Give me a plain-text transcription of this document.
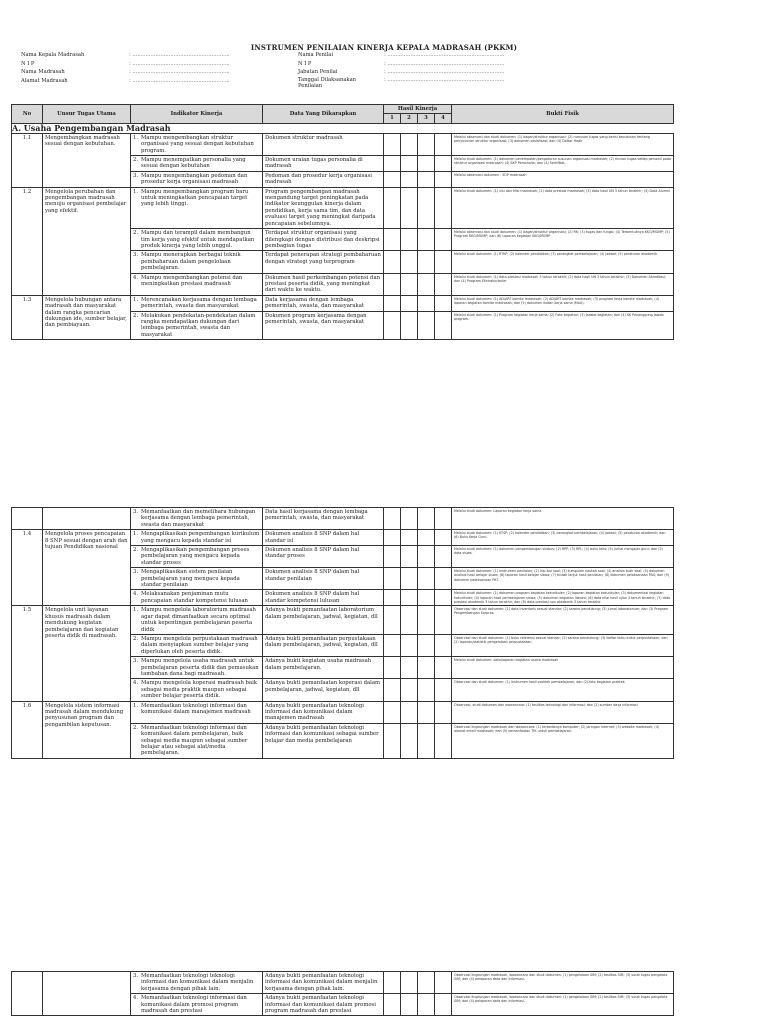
INSTRUMEN PENILAIAN KINERJA KEPALA MADRASAH (PKKM)
Nama Kepala Madrasah	: ...........................................................
N I P	: ...........................................................
Nama Madrasah	: ...........................................................
Alamat Madrasah	: ...........................................................
Nama Penilai	: .......................................................................
N I P	: .......................................................................
Jabatan Penilai	: .......................................................................
Tanggal Dilaksanakan Penilaian: .......................................................................
No	Unsur Tugas Utama	Indikator Kinerja	Data Yang Dikarapkan	Hasil Kinerja				Bukti Fisik
				1	2	3	4	
A. Usaha Pengembangan Madrasah								
1.1	Mengembangkan madrasah sesuai dengan kebutuhan.	1. Mampu mengembangkan struktur organisasi yang sesuai dengan kebutuhan program.	Dokumen struktur madrasah					Melalui observasi dan studi dokumen: (1) bagan/struktur organisasi; (2) rumusan tugas yang berisi keputusan tentang penyusunan struktur organisasi; (3) dokumen sosialisasi; dan (4) Daftar Hadir

		2. Mampu menempatkan personalia yang sesuai dengan kebutuhan	Dokumen uraian tugas personalia di madrasah					Melalui studi dokumen: (1) dokumen penempatan/pengaturan susunan organisasi madrasah; (2) rincian tugas setiap personil pada struktur organisasi madrasah; (4) SKP Personalia; dan (4) Sertifikat.

		3. Mampu mengembangkan pedoman dan prosedur kerja organisasi madrasah	Pedoman dan prosedur kerja organisasi madrasah					Melalui observasi dokumen : SOP madrasah
1.2	Mengelola perubahan dan pengembangan madrasah menuju organisasi pembelajar yang efektif.	1. Mampu mengembangkan program baru untuk meningkatkan pencapaian target yang lebih tinggi.	Program pengembangan madrasah mengandung target peningkatan pada indikator keunggulan kinerja dalam pendidikan, kerja sama tim, dan data evaluasi target yang meningkat daripada pencapaian sebelumnya.					Melalui studi dokumen: (1) visi dan Misi madrasah; (2) data prestasi madrasah; (3) data hasil UN 3 tahun terakhir; (4) Data Alumni

		2. Mampu dan terampil dalam membangun tim kerja yang efektif untuk mendapatkan produk kinerja yang lebih unggul.	Terdapat struktur organisasi yang dilengkapi dengan distribusi dan deskripsi pembagian tugas					Melalui observasi dan studi dokumen: (1) bagan/struktur organisasi; (2) RK; (3) tugas dan fungsi; (4) Terbentuknya KKG/MGMP; (5) Program KKG/MGMP; dan (6) Laporan kegiatan KKG/MGMP

		3. Mampu menerapkan berbagai teknik pembaharuan dalam pengelolaan pembelajaran.	Terdapat penerapan strategi pembaharuan dengan strategi yang terprogram					Melalui studi dokumen: (1) RTKP; (2) kalender pendidikan; (3) perangkat pembelajaran; (4) jadwal; (5) peraturan akademik

		4. Mampu mengembangkan potensi dan meningkatkan prestasi madrasah	Dokumen hasil perkembangan potensi dan prestasi peserta didik, yang meningkat dari waktu ke waktu.					Melalui studi dokumen: (1) data prestasi madrasah 3 tahun terakhir; (2) data hasil UN 3 tahun terakhir; (3) Dokumen Akreditasi; dan (4) Program Ekstrakurikuler
1.3	Mengelola hubungan antara madrasah dan masyarakat dalam rangka pencarian dukungan ide, sumber belajar, dan pembiayaan.	1. Merencanakan kerjasama dengan lembaga pemerintah, swasta dan masyarakat	Data kerjasama dengan lembaga pemerintah, swasta, dan masyarakat					Melalui studi dokumen: (1) AD/ART komite madrasah; (2) AD/ART komite madrasah; (3) program kerja komite madrasah; (4) laporan kegiatan komite madrasah; dan (5) dokumen ikatan kerja sama (MoU).

		2. Melakukan pendekatan-pendekatan dalam rangka mendapatkan dukungan dari lembaga pemerintah, swasta dan masyarakat	Dokumen program kerjasama dengan pemerintah, swasta, dan masyarakat					Melalui studi dokumen: (1) Program kegiatan kerja sama; (2) Foto kegiatan; (3) Jadwal kegiatan; dan (4) SK Penanggung Jawab program.

		3. Memanfaatkan dan memelihara hubungan kerjasama dengan lembaga pemerintah, swasta dan masyarakat	Data hasil kerjasama dengan lembaga pemerintah, swasta, dan masyarakat					Melalui studi dokumen: Laporan kegiatan kerja sama
1.4	Mengelola proses pencapaian 8 SNP sesuai dengan arah dan tujuan Pendidikan nasional	1. Mengaplikasikan pengembangan kurikulum yang mengacu kepada standar isi	Dokumen analisis 8 SNP dalam hal standar isi					Melalui studi dokumen: (1) KTSP; (2) kalender pendidikan; (3) perangkat pembelajaran; (4) jadwal; (5) peraturan akademik; dan (6) Buku Kerja Guru.

		2. Mengaplikasikan pengembangan proses pembelajaran yang mengacu kepada standar proses	Dokumen analisis 8 SNP dalam hal standar proses					Melalui studi dokumen: (1) dokumen pengembangan silabus; (2) RPP; (3) RPL; (4) buku teks; (5) jurnal mengajar guru; dan (2) data siswa.

		3. Mengaplikasikan sistem penilaian pembelajaran yang mengacu kepada standar penilaian	Dokumen analisis 8 SNP dalam hal standar penilaian					Melalui studi dokumen: (1) instrumen penilaian; (2) kisi-kisi soal; (3) kumpulan naskah soal; (4) analisis butir soal; (5) dokumen analisis hasil belajar siswa; (6) laporan hasil belajar siswa; (7) tindak lanjut hasil penilaian; (8) dokumen pelaksanaan PAS; dan (9) dokumen pelaksanaan PAT.

		4. Melaksanakan penjaminan mutu pencapaian standar kompetensi lulusan	Dokumen analisis 8 SNP dalam hal standar kompetensi lulusan					Melalui studi dokumen: (1) dokumen program kegiatan kokurikuler; (2) laporan kegiatan kokurikuler; (3) dokumentasi kegiatan kokurikuler; (4) laporan hasil pembelajaran siswa; (5) dokumen kegiatan literasi; (6) data nilai hasil ujian 3 tahun terakhir; (7) data prestasi akademik 3 tahun terakhir; dan (8) data prestasi non akademik 3 tahun terakhir.
1.5	Mengelola unit layanan khusus madrasah dalam mendukung kegiatan pembelajaran dan kegiatan peserta didik di madrasah.	1. Mampu mengelola laboratorium madrasah agar dapat dimanfaatkan secara optimal untuk kepentingan pembelajaran peserta didik	Adanya bukti pemanfaatan laboratorium dalam pembelajaran, jadwal, kegiatan, dll					Observasi dan studi dokumen: (1) data inventaris sesuai standar; (2) sarana pendukung; (3) jurnal laboratorium; dan (3) Program Pengembangan Sarpras.

		2. Mampu mengelola perpustakaan madrasah dalam menyiapkan sumber belajar yang diperlukan oleh peserta didik.	Adanya bukti pemanfaatan perpustakaan dalam pembelajaran, jadwal, kegiatan, dll					Observasi dan studi dokumen: (1) buku referensi sesuai standar; (2) sarana pendukung; (3) daftar buku induk perpustakaan; dan (2) laporan/statistik pengelolaan perpustakaan.

		3. Mampu mengelola usaha madrasah untuk pembelajaran peserta didik dan pemasukan tambahan dana bagi madrasah.	Adanya bukti kegiatan usaha madrasah dalam pembelajaran.					Melalui studi dokumen: data/laporan kegiatan usaha madrasah

		4. Mampu mengelola koperasi madrasah baik sebagai media praktik maupun sebagai sumber belajar peserta didik.	Adanya bukti pemanfaatan koperasi dalam pembelajaran, jadwal, kegiatan, dll					Observasi dan studi dokumen: (1) instrumen hasil praktek pembelajaran; dan (2) foto kegiatan praktek.
1.6	Mengelola sistem informasi madrasah dalam mendukung penyusunan program dan pengambilan keputusan.	1. Memanfaatkan teknologi informasi dan komunikasi dalam manajemen madrasah	Adanya bukti pemanfaatan teknologi informasi dan komunikasi dalam manajemen madrasah					Observasi, studi dokumen dan wawancara: (1) fasilitas teknologi dan informasi; dan (2) sumber daya informasi

		2. Memanfaatkan teknologi informasi dan komunikasi dalam pembelajaran, baik sebagai media maupun sebagai sumber belajar atau sebagai alat/media pembelajaran.	Adanya bukti pemanfaatan teknologi informasi dan komunikasi sebagai sumber belajar dan media pembelajaran					Observasi lingkungan madrasah dan wawancara: (1) tersedianya komputer; (2) jaringan internet; (3) website madrasah; (4) alamat email madrasah; dan (5) pemanfaatan TIK untuk pembelajaran.

		3. Memanfaatkan teknologi teknologi informasi dan komunikasi dalam menjalin kerjasama dengan pihak lain.	Adanya bukti pemanfaatan teknologi informasi dan komunikasi dalam menjalin kerjasama dengan pihak lain.					Observasi lingkungan madrasah, wawancara dan studi dokumen: (1) pengelolaan SIM; (2) fasilitas SIM; (3) surat tugas pengelola SIM; dan (4) pelaporan data dan informasi.

		4. Memanfaatkan teknologi informasi dan komunikasi dalam promosi program madrasah dan prestasi	Adanya bukti pemanfaatan teknologi informasi dan komunikasi dalam promosi program madrasah dan prestasi					Observasi lingkungan madrasah, wawancara dan studi dokumen: (1) pengelolaan SIM; (2) fasilitas SIM; (3) surat tugas pengelola SIM; dan (4) pelaporan data dan informasi.
